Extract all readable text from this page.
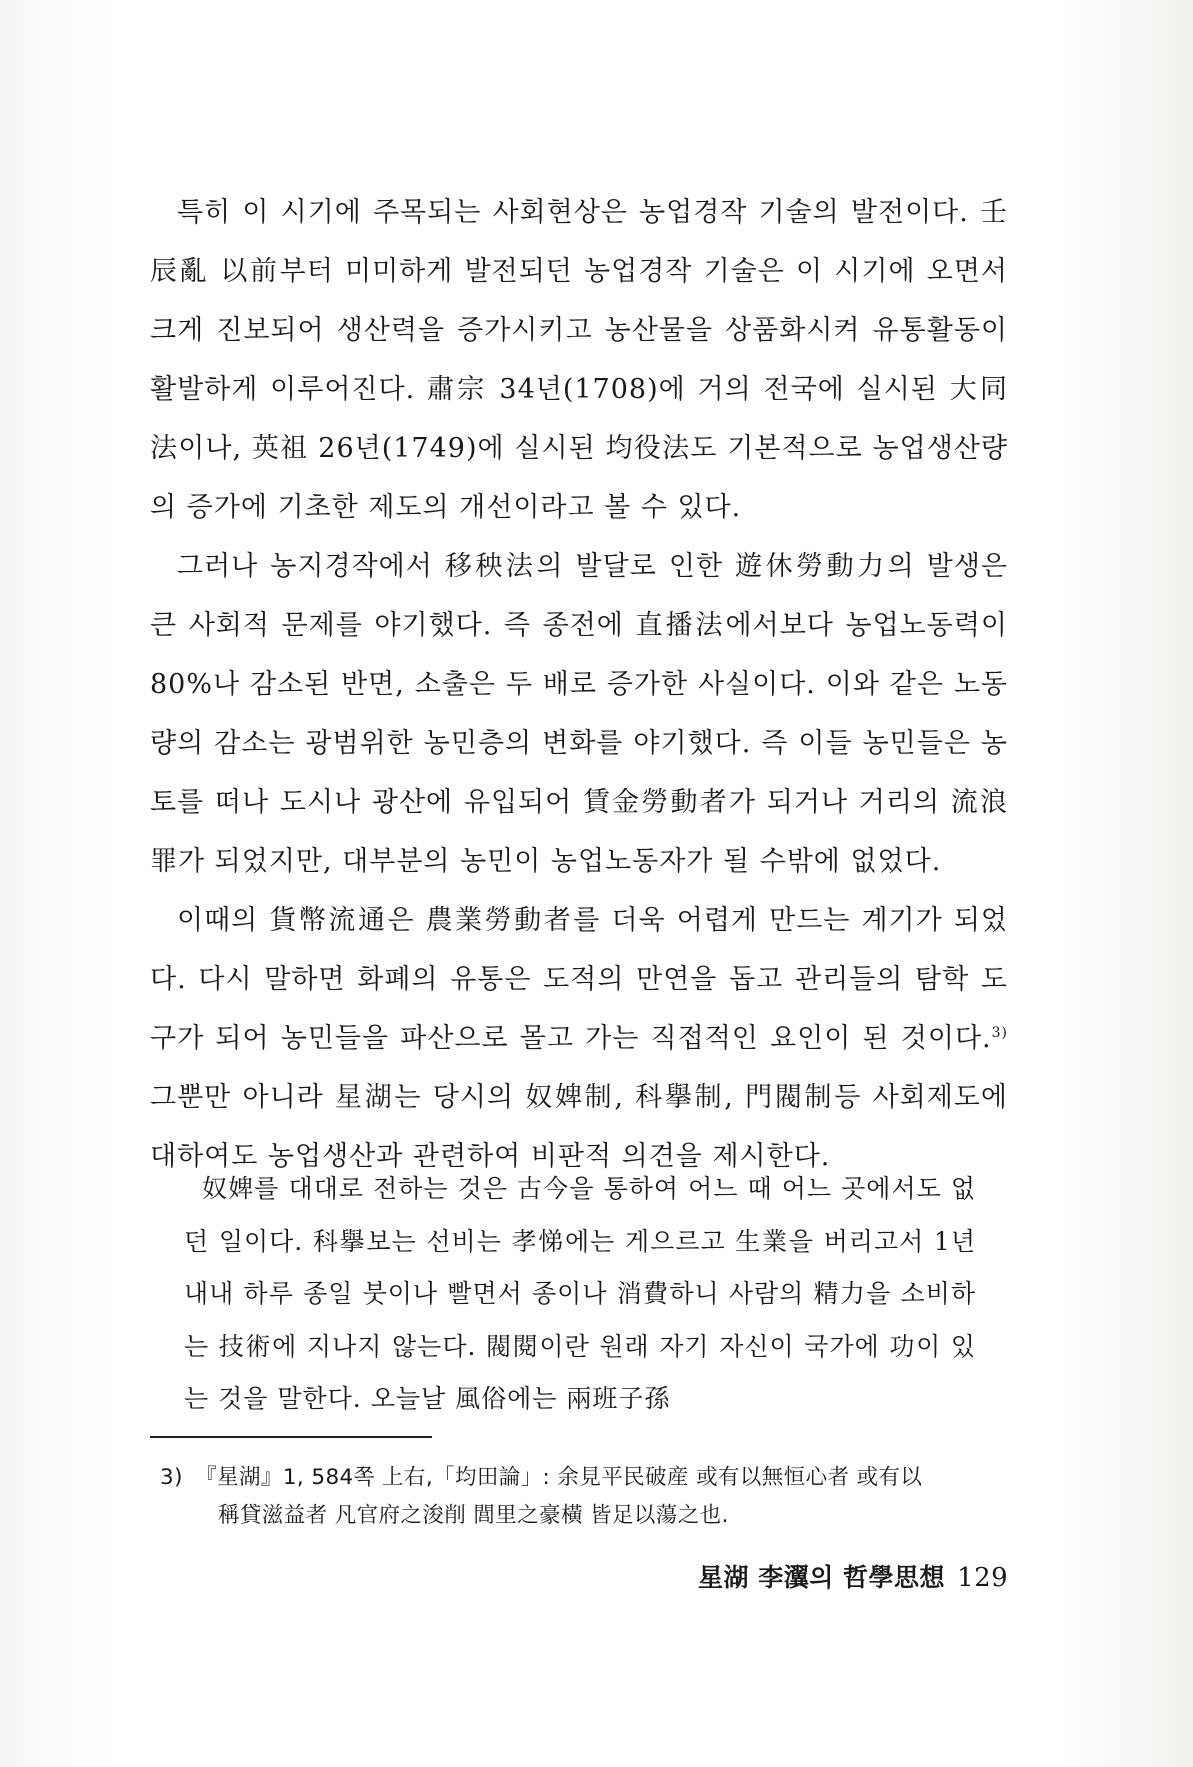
특히 이 시기에 주목되는 사회현상은 농업경작 기술의 발전이다. 壬辰亂 以前부터 미미하게 발전되던 농업경작 기술은 이 시기에 오면서 크게 진보되어 생산력을 증가시키고 농산물을 상품화시켜 유통활동이 활발하게 이루어진다. 肅宗 34년(1708)에 거의 전국에 실시된 大同法이나, 英祖 26년(1749)에 실시된 均役法도 기본적으로 농업생산량의 증가에 기초한 제도의 개선이라고 볼 수 있다.

그러나 농지경작에서 移秧法의 발달로 인한 遊休勞動力의 발생은 큰 사회적 문제를 야기했다. 즉 종전에 直播法에서보다 농업노동력이 80%나 감소된 반면, 소출은 두 배로 증가한 사실이다. 이와 같은 노동량의 감소는 광범위한 농민층의 변화를 야기했다. 즉 이들 농민들은 농토를 떠나 도시나 광산에 유입되어 賃金勞動者가 되거나 거리의 流浪罪가 되었지만, 대부분의 농민이 농업노동자가 될 수밖에 없었다.

이때의 貨幣流通은 農業勞動者를 더욱 어렵게 만드는 계기가 되었다. 다시 말하면 화폐의 유통은 도적의 만연을 돕고 관리들의 탐학 도구가 되어 농민들을 파산으로 몰고 가는 직접적인 요인이 된 것이다.$^{3)}$ 그뿐만 아니라 星湖는 당시의 奴婢制, 科擧制, 門閥制등 사회제도에 대하여도 농업생산과 관련하여 비판적 의견을 제시한다.

奴婢를 대대로 전하는 것은 古今을 통하여 어느 때 어느 곳에서도 없던 일이다. 科擧보는 선비는 孝悌에는 게으르고 生業을 버리고서 1년 내내 하루 종일 붓이나 빨면서 종이나 消費하니 사람의 精力을 소비하는 技術에 지나지 않는다. 閥閱이란 원래 자기 자신이 국가에 功이 있는 것을 말한다. 오늘날 風俗에는 兩班子孫

3) 『星湖』1, 584쪽 上右,「均田論」: 余見平民破産 或有以無恒心者 或有以
稱貸滋益者 凡官府之浚削 閭里之豪橫 皆足以蕩之也.

星湖 李瀷의 哲學思想 129
